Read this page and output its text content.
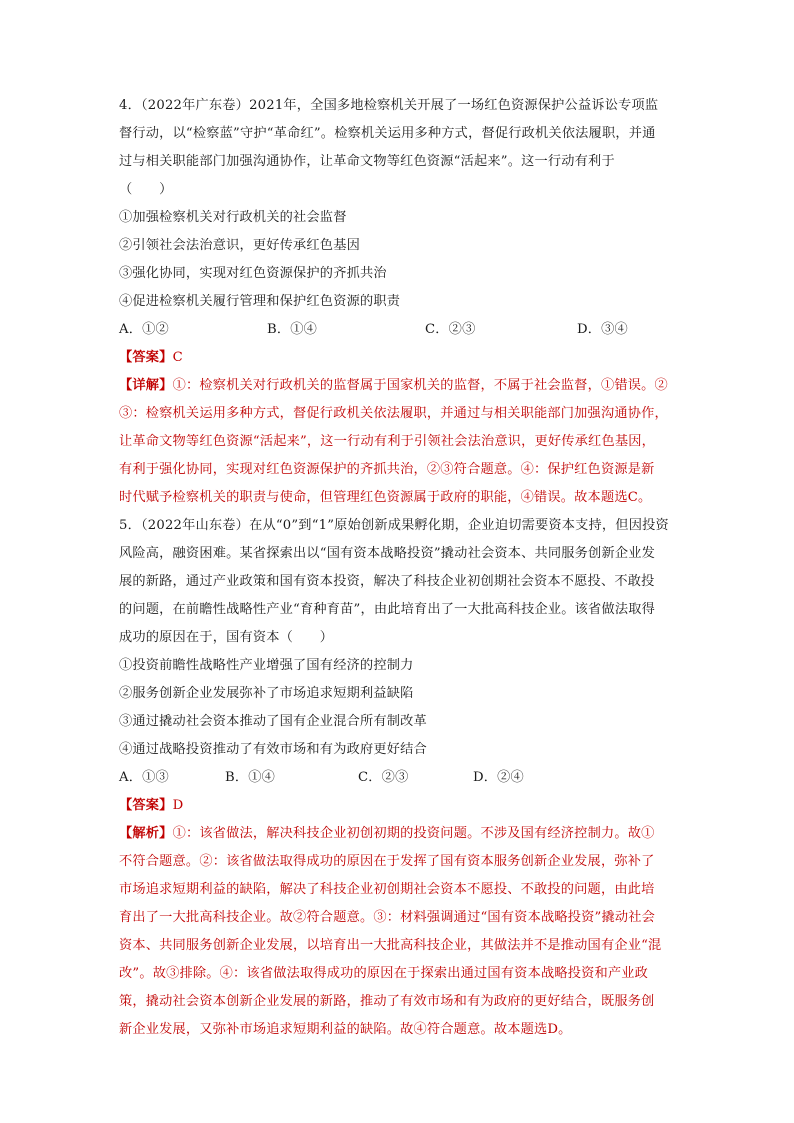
4．（2022年广东卷）2021年，全国多地检察机关开展了一场红色资源保护公益诉讼专项监
督行动，以“检察蓝”守护“革命红”。检察机关运用多种方式，督促行政机关依法履职，并通
过与相关职能部门加强沟通协作，让革命文物等红色资源“活起来”。这一行动有利于
（　　）
①加强检察机关对行政机关的社会监督
②引领社会法治意识，更好传承红色基因
③强化协同，实现对红色资源保护的齐抓共治
④促进检察机关履行管理和保护红色资源的职责
A．①②	B．①④	C．②③	D．③④
【答案】C
【详解】①：检察机关对行政机关的监督属于国家机关的监督，不属于社会监督，①错误。②
③：检察机关运用多种方式，督促行政机关依法履职，并通过与相关职能部门加强沟通协作，
让革命文物等红色资源“活起来”，这一行动有利于引领社会法治意识，更好传承红色基因，
有利于强化协同，实现对红色资源保护的齐抓共治，②③符合题意。④：保护红色资源是新
时代赋予检察机关的职责与使命，但管理红色资源属于政府的职能，④错误。故本题选C。
5．（2022年山东卷）在从“0”到“1”原始创新成果孵化期，企业迫切需要资本支持，但因投资
风险高，融资困难。某省探索出以“国有资本战略投资”撬动社会资本、共同服务创新企业发
展的新路，通过产业政策和国有资本投资，解决了科技企业初创期社会资本不愿投、不敢投
的问题，在前瞻性战略性产业“育种育苗”，由此培育出了一大批高科技企业。该省做法取得
成功的原因在于，国有资本（　　）
①投资前瞻性战略性产业增强了国有经济的控制力
②服务创新企业发展弥补了市场追求短期利益缺陷
③通过撬动社会资本推动了国有企业混合所有制改革
④通过战略投资推动了有效市场和有为政府更好结合
A．①③	B．①④	C．②③	D．②④
【答案】D
【解析】①：该省做法，解决科技企业初创初期的投资问题。不涉及国有经济控制力。故①
不符合题意。②：该省做法取得成功的原因在于发挥了国有资本服务创新企业发展，弥补了
市场追求短期利益的缺陷，解决了科技企业初创期社会资本不愿投、不敢投的问题，由此培
育出了一大批高科技企业。故②符合题意。③：材料强调通过“国有资本战略投资”撬动社会
资本、共同服务创新企业发展，以培育出一大批高科技企业，其做法并不是推动国有企业“混
改”。故③排除。④：该省做法取得成功的原因在于探索出通过国有资本战略投资和产业政
策，撬动社会资本创新企业发展的新路，推动了有效市场和有为政府的更好结合，既服务创
新企业发展，又弥补市场追求短期利益的缺陷。故④符合题意。故本题选D。
